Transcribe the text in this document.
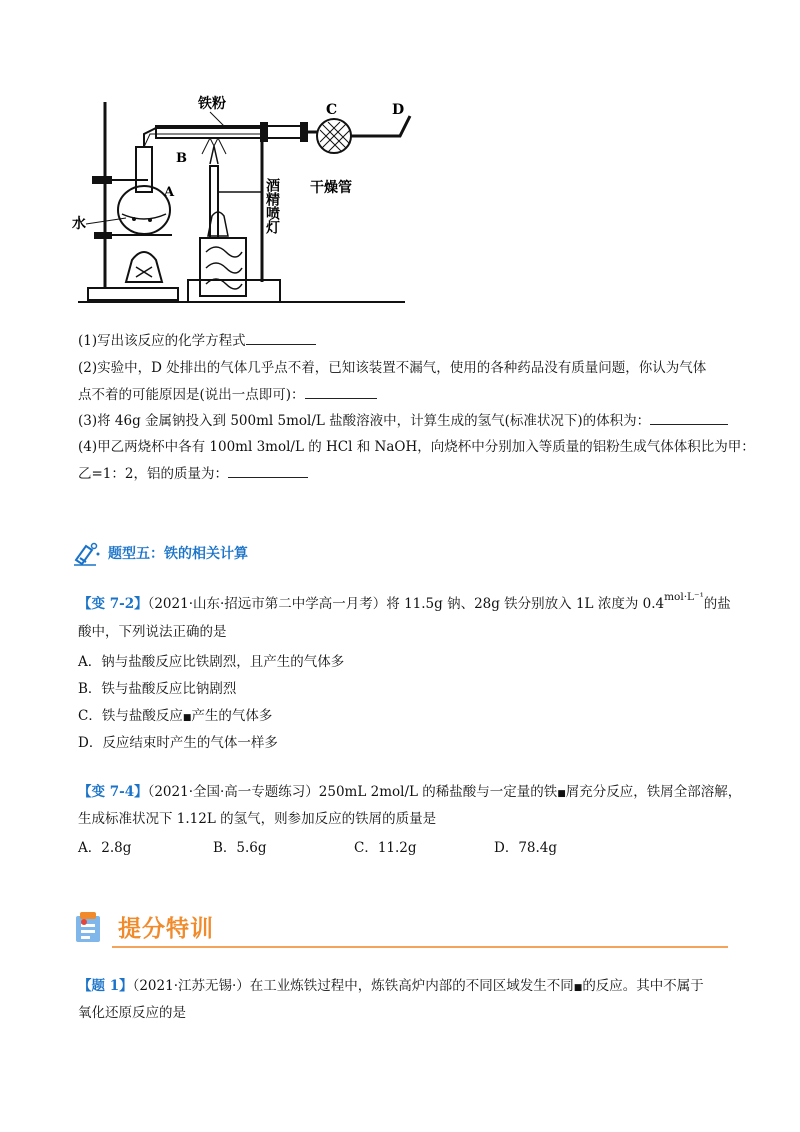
铁粉
A
B
C	D
水
干燥管
酒精喷灯
(1)写出该反应的化学方程式
(2)实验中，D 处排出的气体几乎点不着，已知该装置不漏气，使用的各种药品没有质量问题，你认为气体
点不着的可能原因是(说出一点即可)：
(3)将 46g 金属钠投入到 500ml 5mol/L 盐酸溶液中，计算生成的氢气(标准状况下)的体积为：
(4)甲乙两烧杯中各有 100ml 3mol/L 的 HCl 和 NaOH，向烧杯中分别加入等质量的铝粉生成气体体积比为甲：
乙=1：2，铝的质量为：
题型五：铁的相关计算
【变 7-2】（2021·山东·招远市第二中学高一月考）将 11.5g 钠、28g 铁分别放入 1L 浓度为 $0.4^{mol\cdot L^{-1}}$的盐
酸中，下列说法正确的是
A．钠与盐酸反应比铁剧烈，且产生的气体多
B．铁与盐酸反应比钠剧烈
C．铁与盐酸反应■产生的气体多
D．反应结束时产生的气体一样多
【变 7-4】（2021·全国·高一专题练习）250mL 2mol/L 的稀盐酸与一定量的铁■屑充分反应，铁屑全部溶解，
生成标准状况下 1.12L 的氢气，则参加反应的铁屑的质量是
A．2.8g	B．5.6g	C．11.2g	D．78.4g
提分特训
【题 1】（2021·江苏无锡·）在工业炼铁过程中，炼铁高炉内部的不同区域发生不同■的反应。其中不属于
氧化还原反应的是
